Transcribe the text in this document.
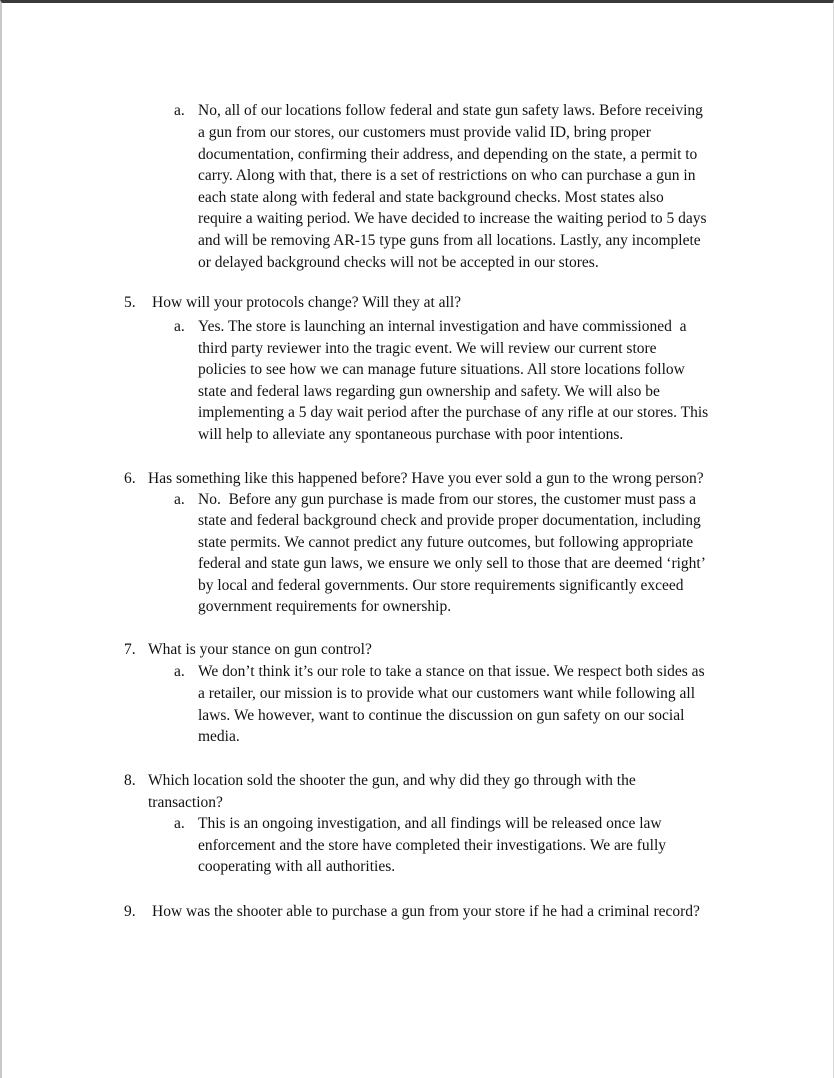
a. No, all of our locations follow federal and state gun safety laws. Before receiving
a gun from our stores, our customers must provide valid ID, bring proper
documentation, confirming their address, and depending on the state, a permit to
carry. Along with that, there is a set of restrictions on who can purchase a gun in
each state along with federal and state background checks. Most states also
require a waiting period. We have decided to increase the waiting period to 5 days
and will be removing AR-15 type guns from all locations. Lastly, any incomplete
or delayed background checks will not be accepted in our stores.
5. How will your protocols change? Will they at all?
a. Yes. The store is launching an internal investigation and have commissioned  a
third party reviewer into the tragic event. We will review our current store
policies to see how we can manage future situations. All store locations follow
state and federal laws regarding gun ownership and safety. We will also be
implementing a 5 day wait period after the purchase of any rifle at our stores. This
will help to alleviate any spontaneous purchase with poor intentions.
6. Has something like this happened before? Have you ever sold a gun to the wrong person?
a. No.  Before any gun purchase is made from our stores, the customer must pass a
state and federal background check and provide proper documentation, including
state permits. We cannot predict any future outcomes, but following appropriate
federal and state gun laws, we ensure we only sell to those that are deemed ‘right’
by local and federal governments. Our store requirements significantly exceed
government requirements for ownership.
7. What is your stance on gun control?
a. We don’t think it’s our role to take a stance on that issue. We respect both sides as
a retailer, our mission is to provide what our customers want while following all
laws. We however, want to continue the discussion on gun safety on our social
media.
8. Which location sold the shooter the gun, and why did they go through with the
transaction?
a. This is an ongoing investigation, and all findings will be released once law
enforcement and the store have completed their investigations. We are fully
cooperating with all authorities.
9. How was the shooter able to purchase a gun from your store if he had a criminal record?
